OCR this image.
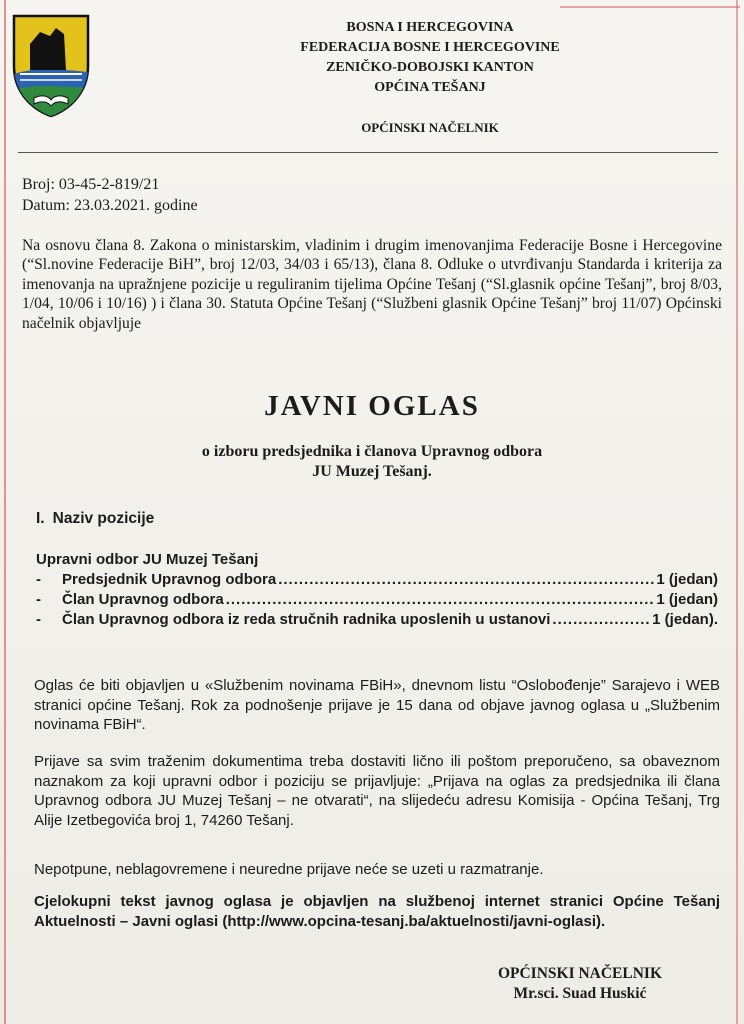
BOSNA I HERCEGOVINA
FEDERACIJA BOSNE I HERCEGOVINE
ZENIČKO-DOBOJSKI KANTON
OPĆINA TEŠANJ
OPĆINSKI NAČELNIK
Broj: 03-45-2-819/21
Datum: 23.03.2021. godine
Na osnovu člana 8. Zakona o ministarskim, vladinim i drugim imenovanjima Federacije Bosne i Hercegovine (“Sl.novine Federacije BiH”, broj 12/03, 34/03 i 65/13), člana 8. Odluke o utvrđivanju Standarda i kriterija za imenovanja na upražnjene pozicije u reguliranim tijelima Općine Tešanj (“Sl.glasnik općine Tešanj”, broj 8/03, 1/04, 10/06 i 10/16) ) i člana 30. Statuta Općine Tešanj (“Službeni glasnik Općine Tešanj” broj 11/07) Općinski načelnik objavljuje
JAVNI OGLAS
o izboru predsjednika i članova Upravnog odbora
JU Muzej Tešanj.
I. Naziv pozicije
Upravni odbor JU Muzej Tešanj
-	Predsjednik Upravnog odbora .....	1 (jedan)
-	Član Upravnog odbora .....	1 (jedan)
-	Član Upravnog odbora iz reda stručnih radnika uposlenih u ustanovi .....	1 (jedan).
Oglas će biti objavljen u «Službenim novinama FBiH», dnevnom listu “Oslobođenje” Sarajevo i WEB stranici općine Tešanj. Rok za podnošenje prijave je 15 dana od objave javnog oglasa u „Službenim novinama FBiH“.
Prijave sa svim traženim dokumentima treba dostaviti lično ili poštom preporučeno, sa obaveznom naznakom za koji upravni odbor i poziciju se prijavljuje: „Prijava na oglas za predsjednika ili člana Upravnog odbora JU Muzej Tešanj – ne otvarati“, na slijedeću adresu Komisija - Općina Tešanj, Trg Alije Izetbegovića broj 1, 74260 Tešanj.
Nepotpune, neblagovremene i neuredne prijave neće se uzeti u razmatranje.
Cjelokupni tekst javnog oglasa je objavljen na službenoj internet stranici Općine Tešanj Aktuelnosti – Javni oglasi (http://www.opcina-tesanj.ba/aktuelnosti/javni-oglasi).
OPĆINSKI NAČELNIK
Mr.sci. Suad Huskić
